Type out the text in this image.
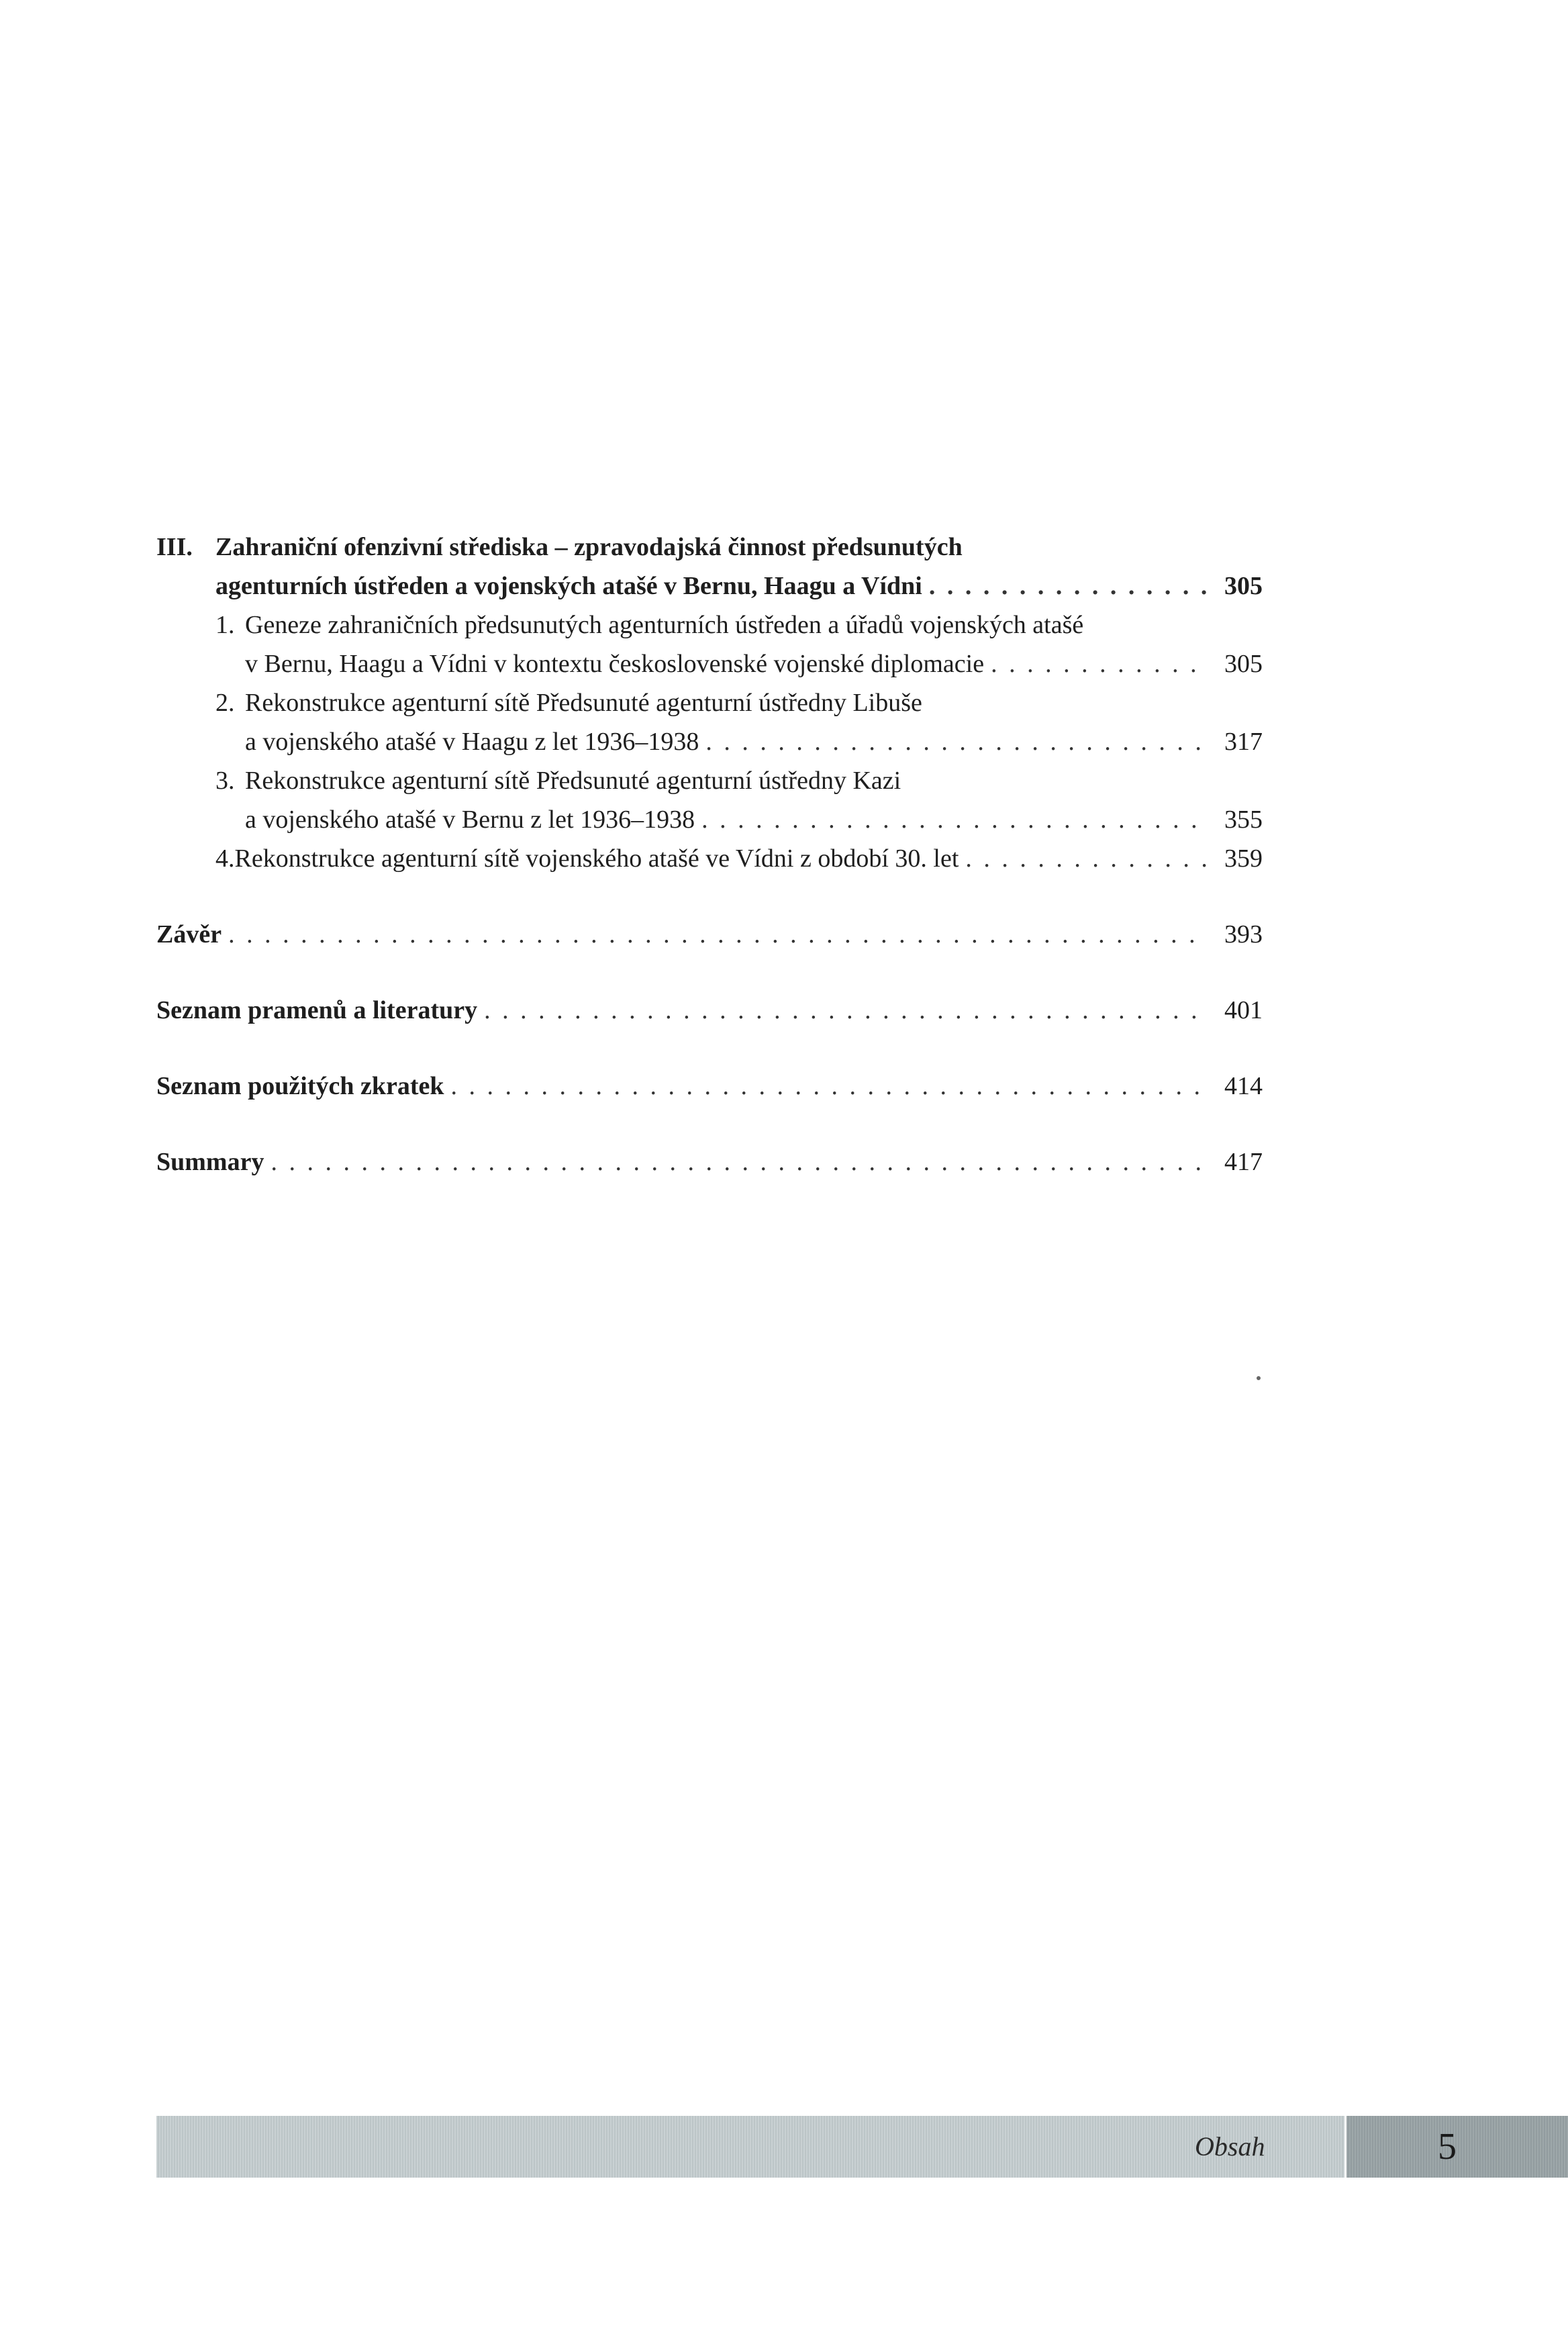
III. Zahraniční ofenzivní střediska – zpravodajská činnost předsunutých
agenturních ústředen a vojenských atašé v Bernu, Haagu a Vídni . . .	305
1. Geneze zahraničních předsunutých agenturních ústředen a úřadů vojenských atašé
v Bernu, Haagu a Vídni v kontextu československé vojenské diplomacie . . .	305
2. Rekonstrukce agenturní sítě Předsunuté agenturní ústředny Libuše
a vojenského atašé v Haagu z let 1936–1938 . . .	317
3. Rekonstrukce agenturní sítě Předsunuté agenturní ústředny Kazi
a vojenského atašé v Bernu z let 1936–1938 . . .	355
4. Rekonstrukce agenturní sítě vojenského atašé ve Vídni z období 30. let . . .	359
Závěr . . .	393
Seznam pramenů a literatury . . .	401
Seznam použitých zkratek . . .	414
Summary . . .	417
Obsah	5
